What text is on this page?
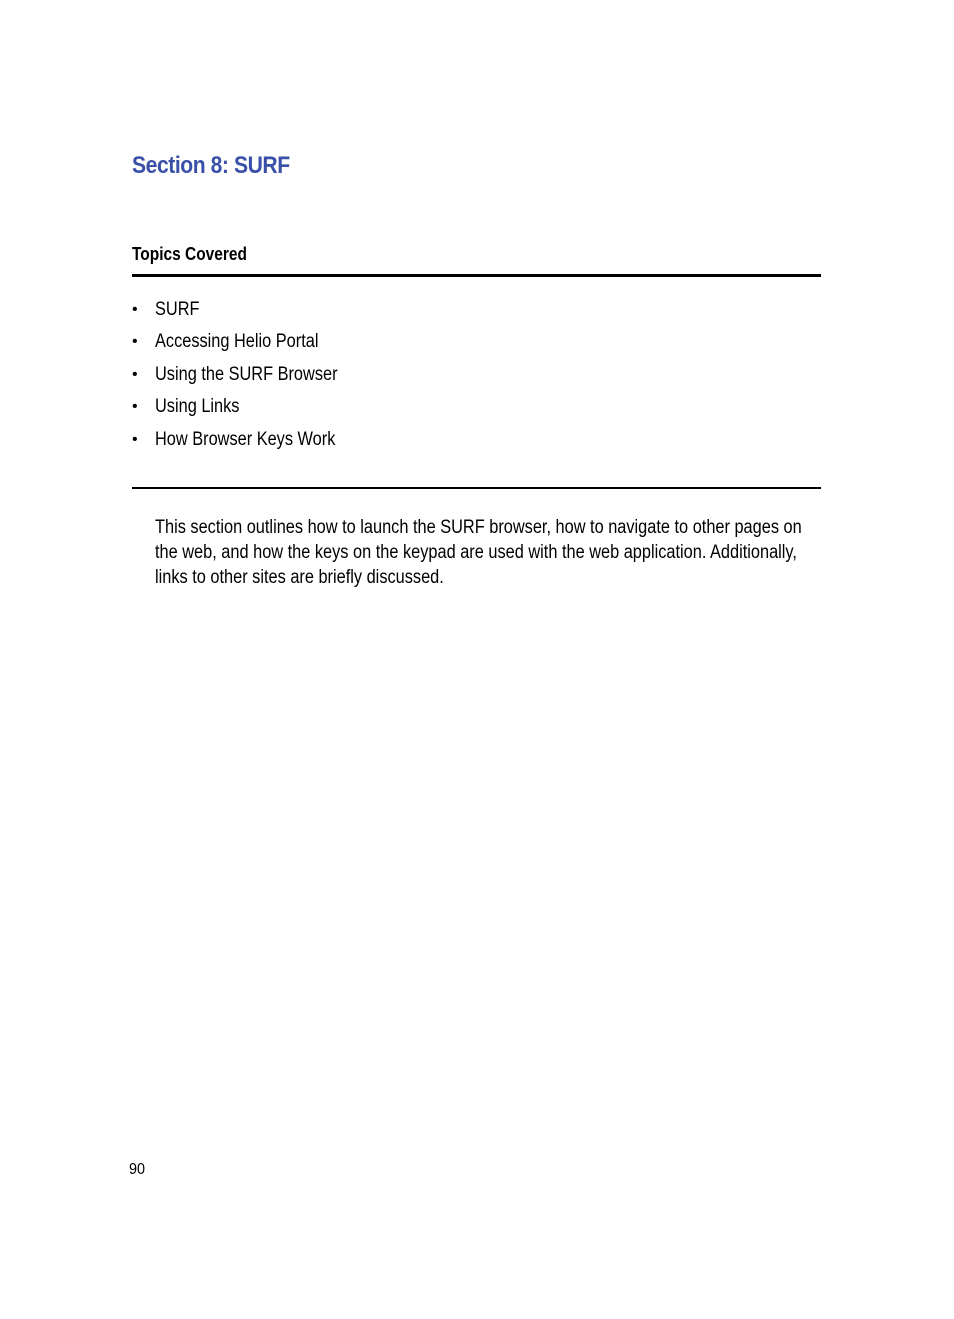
Section 8: SURF
Topics Covered
• SURF
• Accessing Helio Portal
• Using the SURF Browser
• Using Links
• How Browser Keys Work

This section outlines how to launch the SURF browser, how to navigate to other pages on the web, and how the keys on the keypad are used with the web application. Additionally, links to other sites are briefly discussed.

90
